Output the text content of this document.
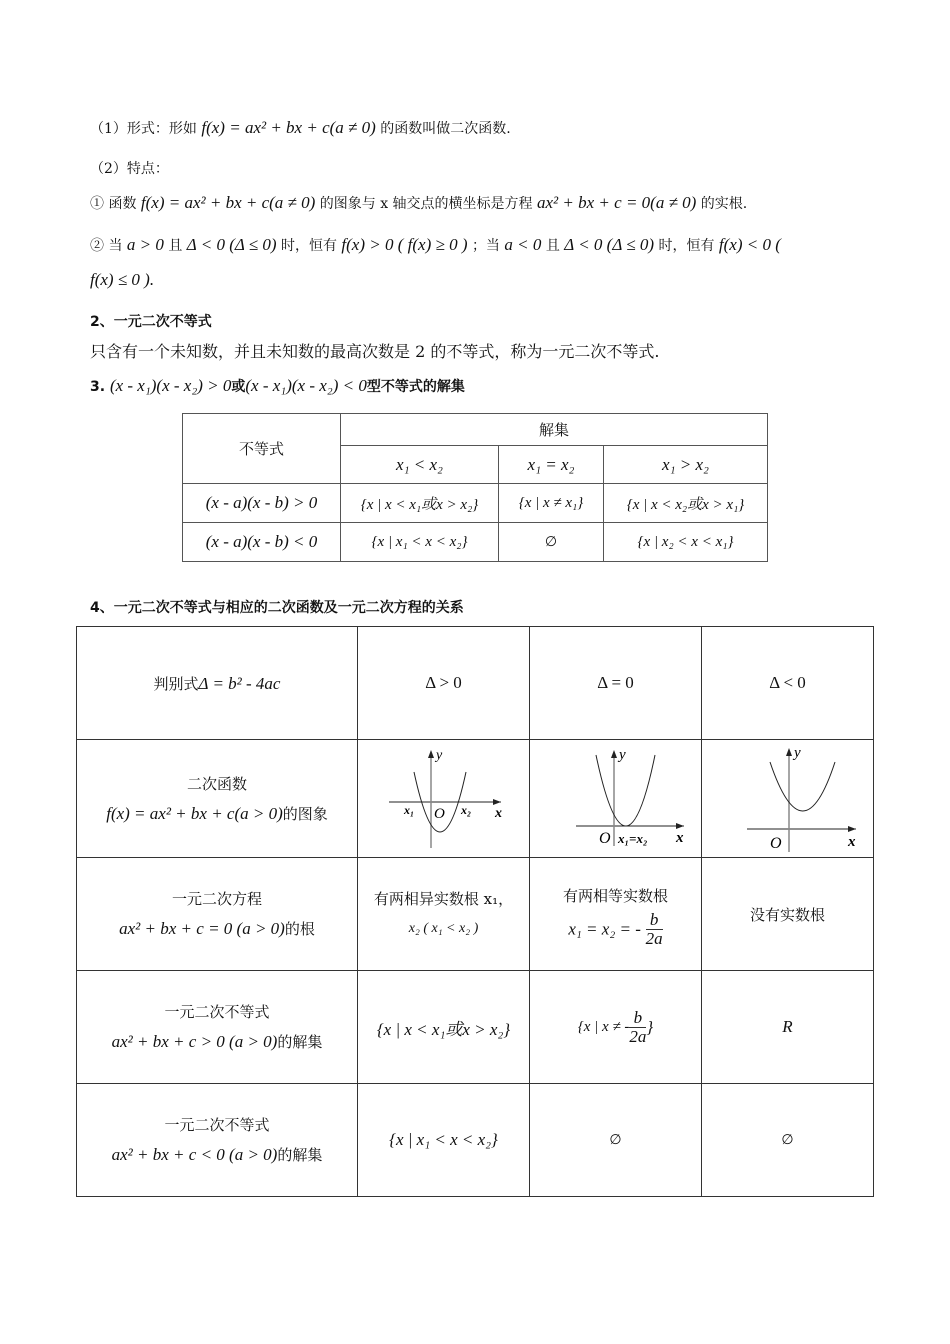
（1）形式：形如 f(x) = ax² + bx + c(a ≠ 0) 的函数叫做二次函数.
（2）特点：
① 函数 f(x) = ax² + bx + c(a ≠ 0) 的图象与 x 轴交点的横坐标是方程 ax² + bx + c = 0(a ≠ 0) 的实根.
② 当 a > 0 且 Δ < 0 (Δ ≤ 0) 时，恒有 f(x) > 0 ( f(x) ≥ 0 ) ；当 a < 0 且 Δ < 0 (Δ ≤ 0) 时，恒有 f(x) < 0 (
f(x) ≤ 0 ).
2、一元二次不等式
只含有一个未知数，并且未知数的最高次数是 2 的不等式，称为一元二次不等式.
3. (x - x₁)(x - x₂) > 0或(x - x₁)(x - x₂) < 0型不等式的解集
不等式	解集		
	x₁ < x₂	x₁ = x₂	x₁ > x₂
(x - a)(x - b) > 0	{x | x < x₁或x > x₂}	{x | x ≠ x₁}	{x | x < x₂或x > x₁}
(x - a)(x - b) < 0	{x | x₁ < x < x₂}	∅	{x | x₂ < x < x₁}
4、一元二次不等式与相应的二次函数及一元二次方程的关系
判别式Δ = b² - 4ac	Δ > 0	Δ = 0	Δ < 0

二次函数
f(x) = ax² + bx + c(a > 0)的图象	y
x
O
x₁ x₂	y
x
O x₁=x₂	y
x
O

一元二次方程
ax² + bx + c = 0 (a > 0)的根	有两相异实数根 x₁，
x₂ ( x₁ < x₂ )	有两相等实数根
x₁ = x₂ = - $\frac{b}{2a}$	没有实数根

一元二次不等式
ax² + bx + c > 0 (a > 0)的解集	{x | x < x₁或x > x₂}	{x | x ≠ - $\frac{b}{2a}$ }	R

一元二次不等式
ax² + bx + c < 0 (a > 0)的解集	{x | x₁ < x < x₂}	∅	∅
